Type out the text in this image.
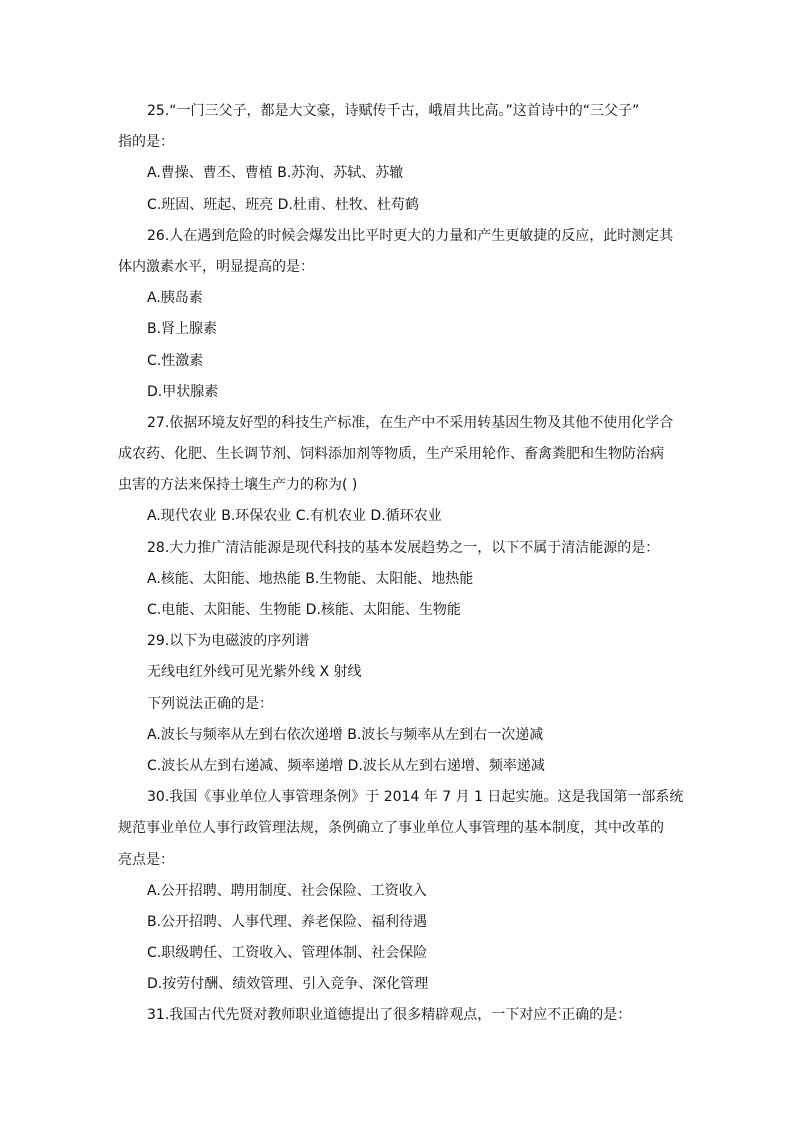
25.“一门三父子，都是大文豪，诗赋传千古，峨眉共比高。”这首诗中的“三父子”
指的是：
A.曹操、曹丕、曹植 B.苏洵、苏轼、苏辙
C.班固、班起、班亮 D.杜甫、杜牧、杜苟鹤
26.人在遇到危险的时候会爆发出比平时更大的力量和产生更敏捷的反应，此时测定其
体内激素水平，明显提高的是：
A.胰岛素
B.肾上腺素
C.性激素
D.甲状腺素
27.依据环境友好型的科技生产标准，在生产中不采用转基因生物及其他不使用化学合
成农药、化肥、生长调节剂、饲料添加剂等物质，生产采用轮作、畜禽粪肥和生物防治病
虫害的方法来保持土壤生产力的称为( )
A.现代农业 B.环保农业 C.有机农业 D.循环农业
28.大力推广清洁能源是现代科技的基本发展趋势之一，以下不属于清洁能源的是：
A.核能、太阳能、地热能 B.生物能、太阳能、地热能
C.电能、太阳能、生物能 D.核能、太阳能、生物能
29.以下为电磁波的序列谱
无线电红外线可见光紫外线 X 射线
下列说法正确的是：
A.波长与频率从左到右依次递增 B.波长与频率从左到右一次递减
C.波长从左到右递减、频率递增 D.波长从左到右递增、频率递减
30.我国《事业单位人事管理条例》于 2014 年 7 月 1 日起实施。这是我国第一部系统
规范事业单位人事行政管理法规，条例确立了事业单位人事管理的基本制度，其中改革的
亮点是：
A.公开招聘、聘用制度、社会保险、工资收入
B.公开招聘、人事代理、养老保险、福利待遇
C.职级聘任、工资收入、管理体制、社会保险
D.按劳付酬、绩效管理、引入竞争、深化管理
31.我国古代先贤对教师职业道德提出了很多精辟观点，一下对应不正确的是：
